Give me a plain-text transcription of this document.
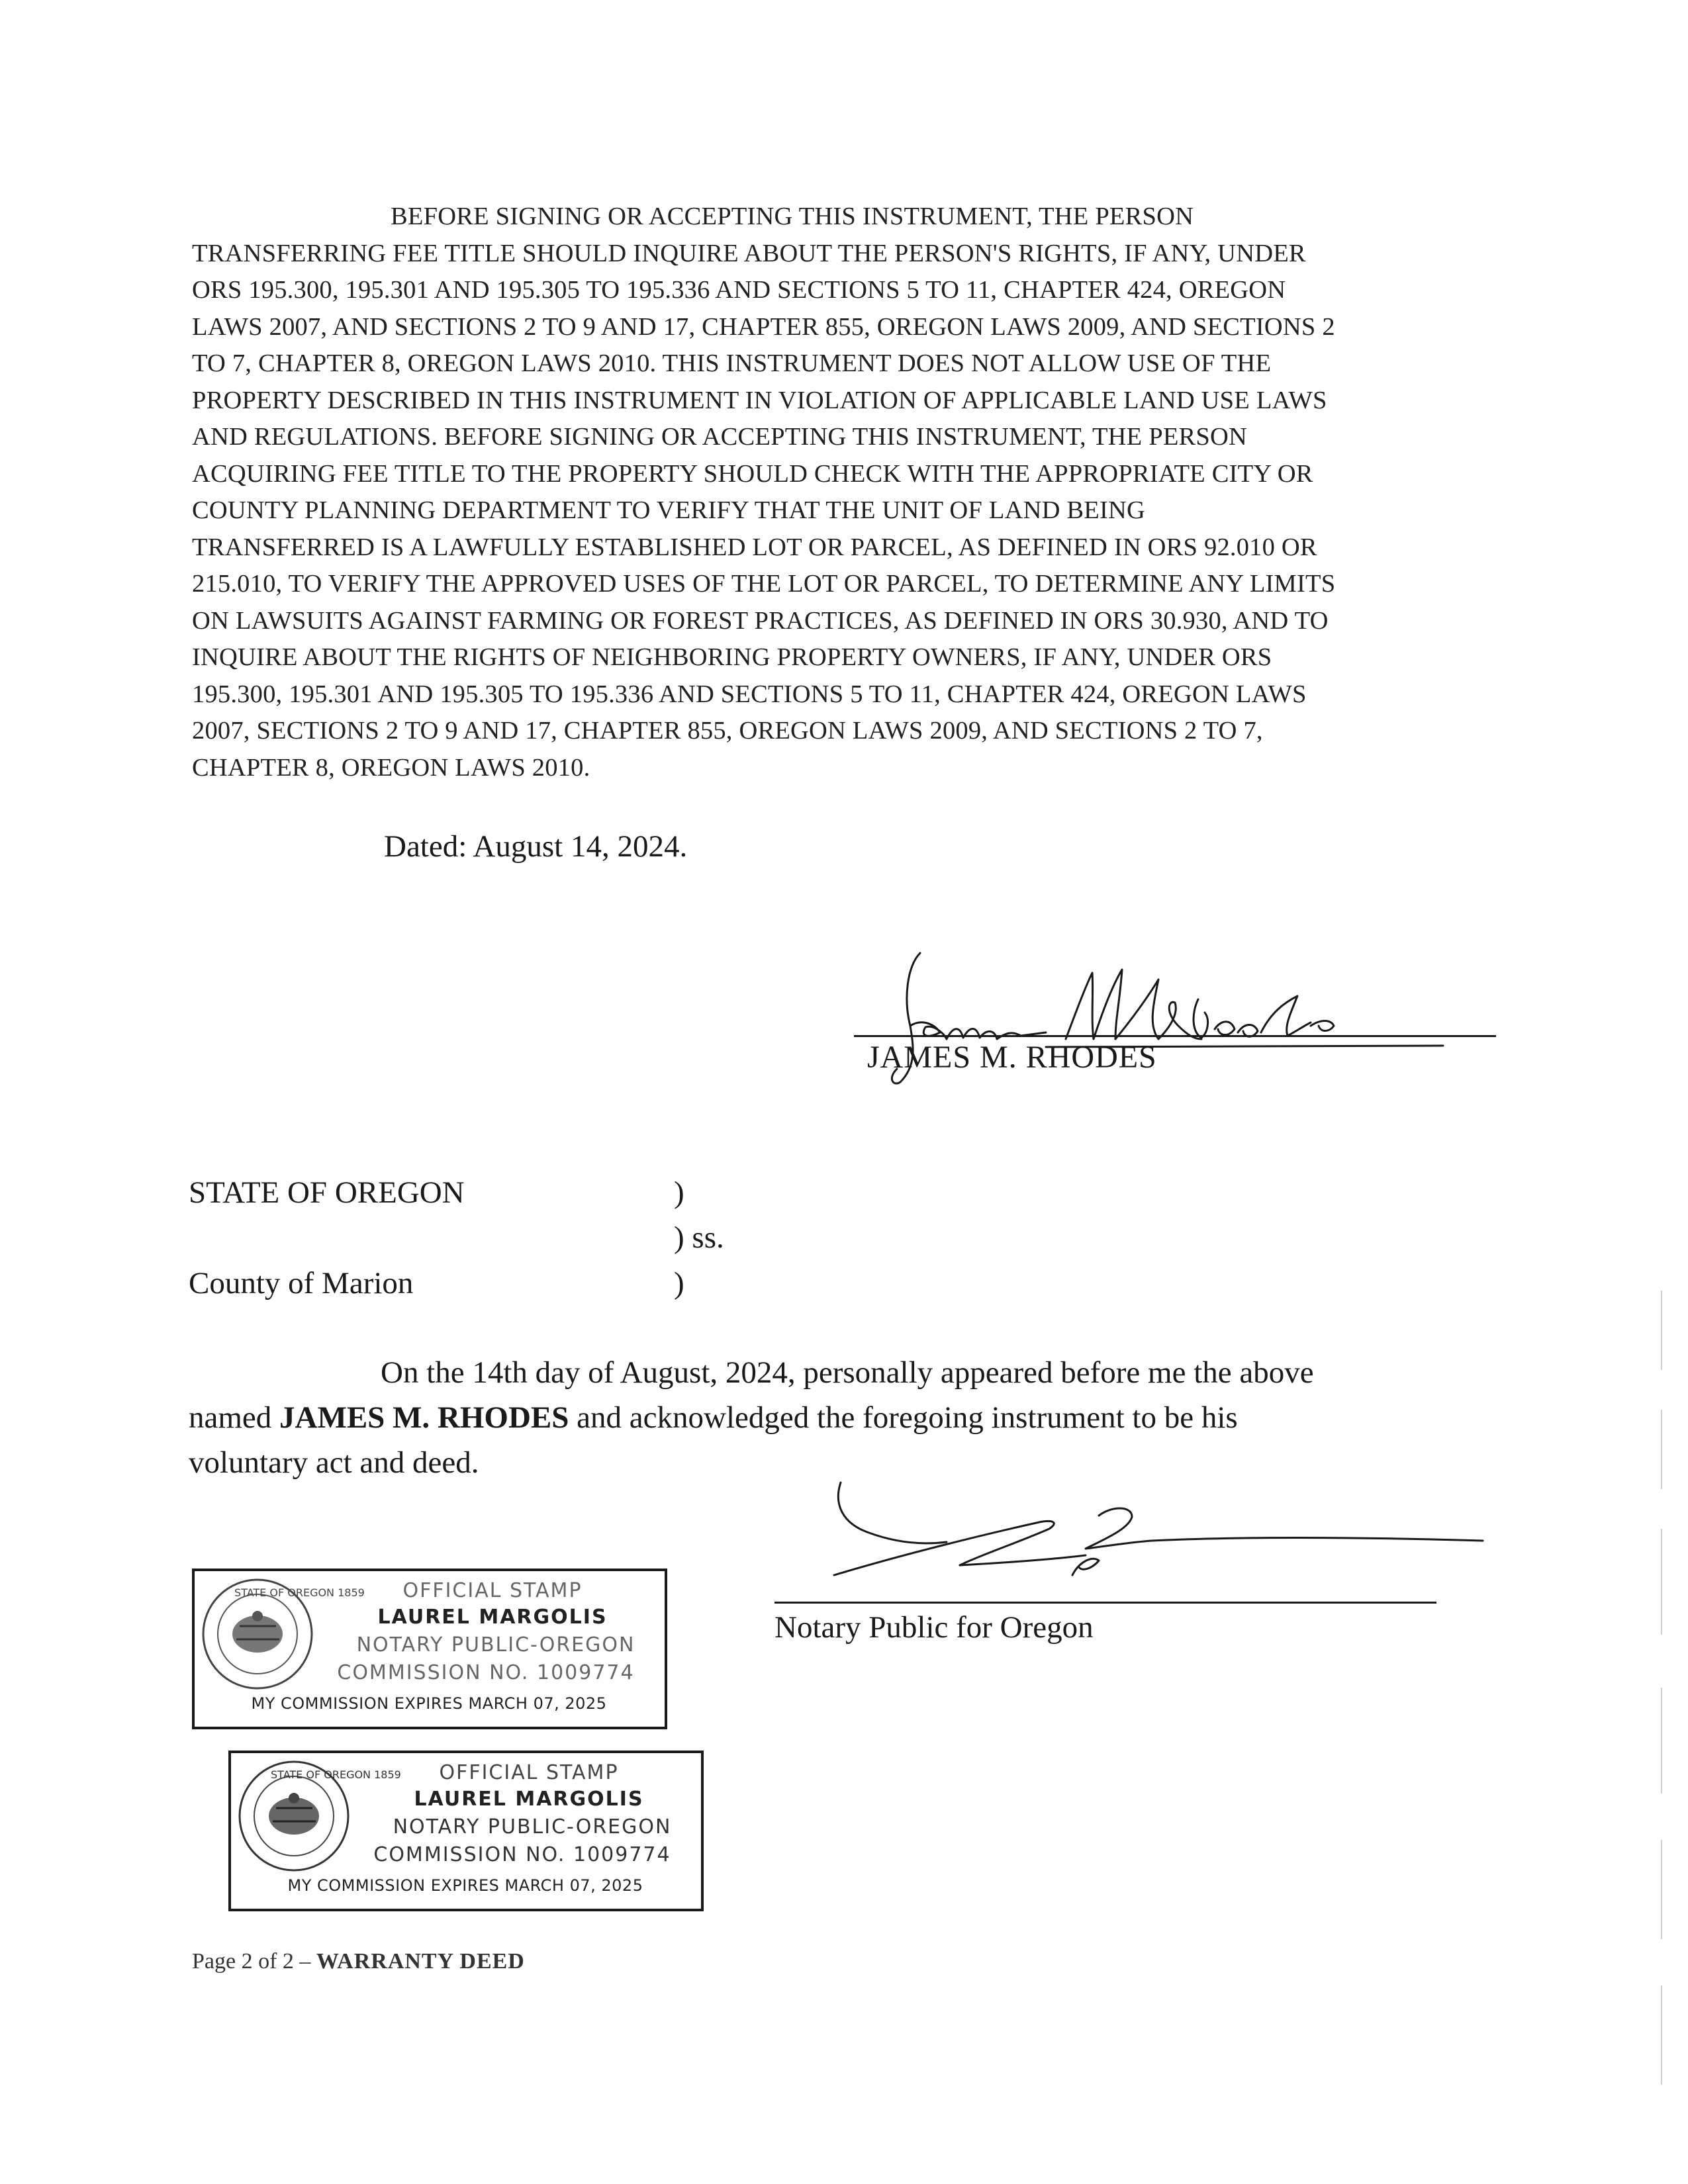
BEFORE SIGNING OR ACCEPTING THIS INSTRUMENT, THE PERSON
TRANSFERRING FEE TITLE SHOULD INQUIRE ABOUT THE PERSON'S RIGHTS, IF ANY, UNDER
ORS 195.300, 195.301 AND 195.305 TO 195.336 AND SECTIONS 5 TO 11, CHAPTER 424, OREGON
LAWS 2007, AND SECTIONS 2 TO 9 AND 17, CHAPTER 855, OREGON LAWS 2009, AND SECTIONS 2
TO 7, CHAPTER 8, OREGON LAWS 2010. THIS INSTRUMENT DOES NOT ALLOW USE OF THE
PROPERTY DESCRIBED IN THIS INSTRUMENT IN VIOLATION OF APPLICABLE LAND USE LAWS
AND REGULATIONS. BEFORE SIGNING OR ACCEPTING THIS INSTRUMENT, THE PERSON
ACQUIRING FEE TITLE TO THE PROPERTY SHOULD CHECK WITH THE APPROPRIATE CITY OR
COUNTY PLANNING DEPARTMENT TO VERIFY THAT THE UNIT OF LAND BEING
TRANSFERRED IS A LAWFULLY ESTABLISHED LOT OR PARCEL, AS DEFINED IN ORS 92.010 OR
215.010, TO VERIFY THE APPROVED USES OF THE LOT OR PARCEL, TO DETERMINE ANY LIMITS
ON LAWSUITS AGAINST FARMING OR FOREST PRACTICES, AS DEFINED IN ORS 30.930, AND TO
INQUIRE ABOUT THE RIGHTS OF NEIGHBORING PROPERTY OWNERS, IF ANY, UNDER ORS
195.300, 195.301 AND 195.305 TO 195.336 AND SECTIONS 5 TO 11, CHAPTER 424, OREGON LAWS
2007, SECTIONS 2 TO 9 AND 17, CHAPTER 855, OREGON LAWS 2009, AND SECTIONS 2 TO 7,
CHAPTER 8, OREGON LAWS 2010.
Dated: August 14, 2024.
JAMES M. RHODES
STATE OF OREGON
County of Marion
)
) ss.
)
On the 14th day of August, 2024, personally appeared before me the above
named JAMES M. RHODES and acknowledged the foregoing instrument to be his
voluntary act and deed.
Notary Public for Oregon
STATE OF OREGON 1859	OFFICIAL STAMP
LAUREL MARGOLIS
NOTARY PUBLIC-OREGON
COMMISSION NO. 1009774
MY COMMISSION EXPIRES MARCH 07, 2025
STATE OF OREGON 1859	OFFICIAL STAMP
LAUREL MARGOLIS
NOTARY PUBLIC-OREGON
COMMISSION NO. 1009774
MY COMMISSION EXPIRES MARCH 07, 2025
Page 2 of 2 – WARRANTY DEED
